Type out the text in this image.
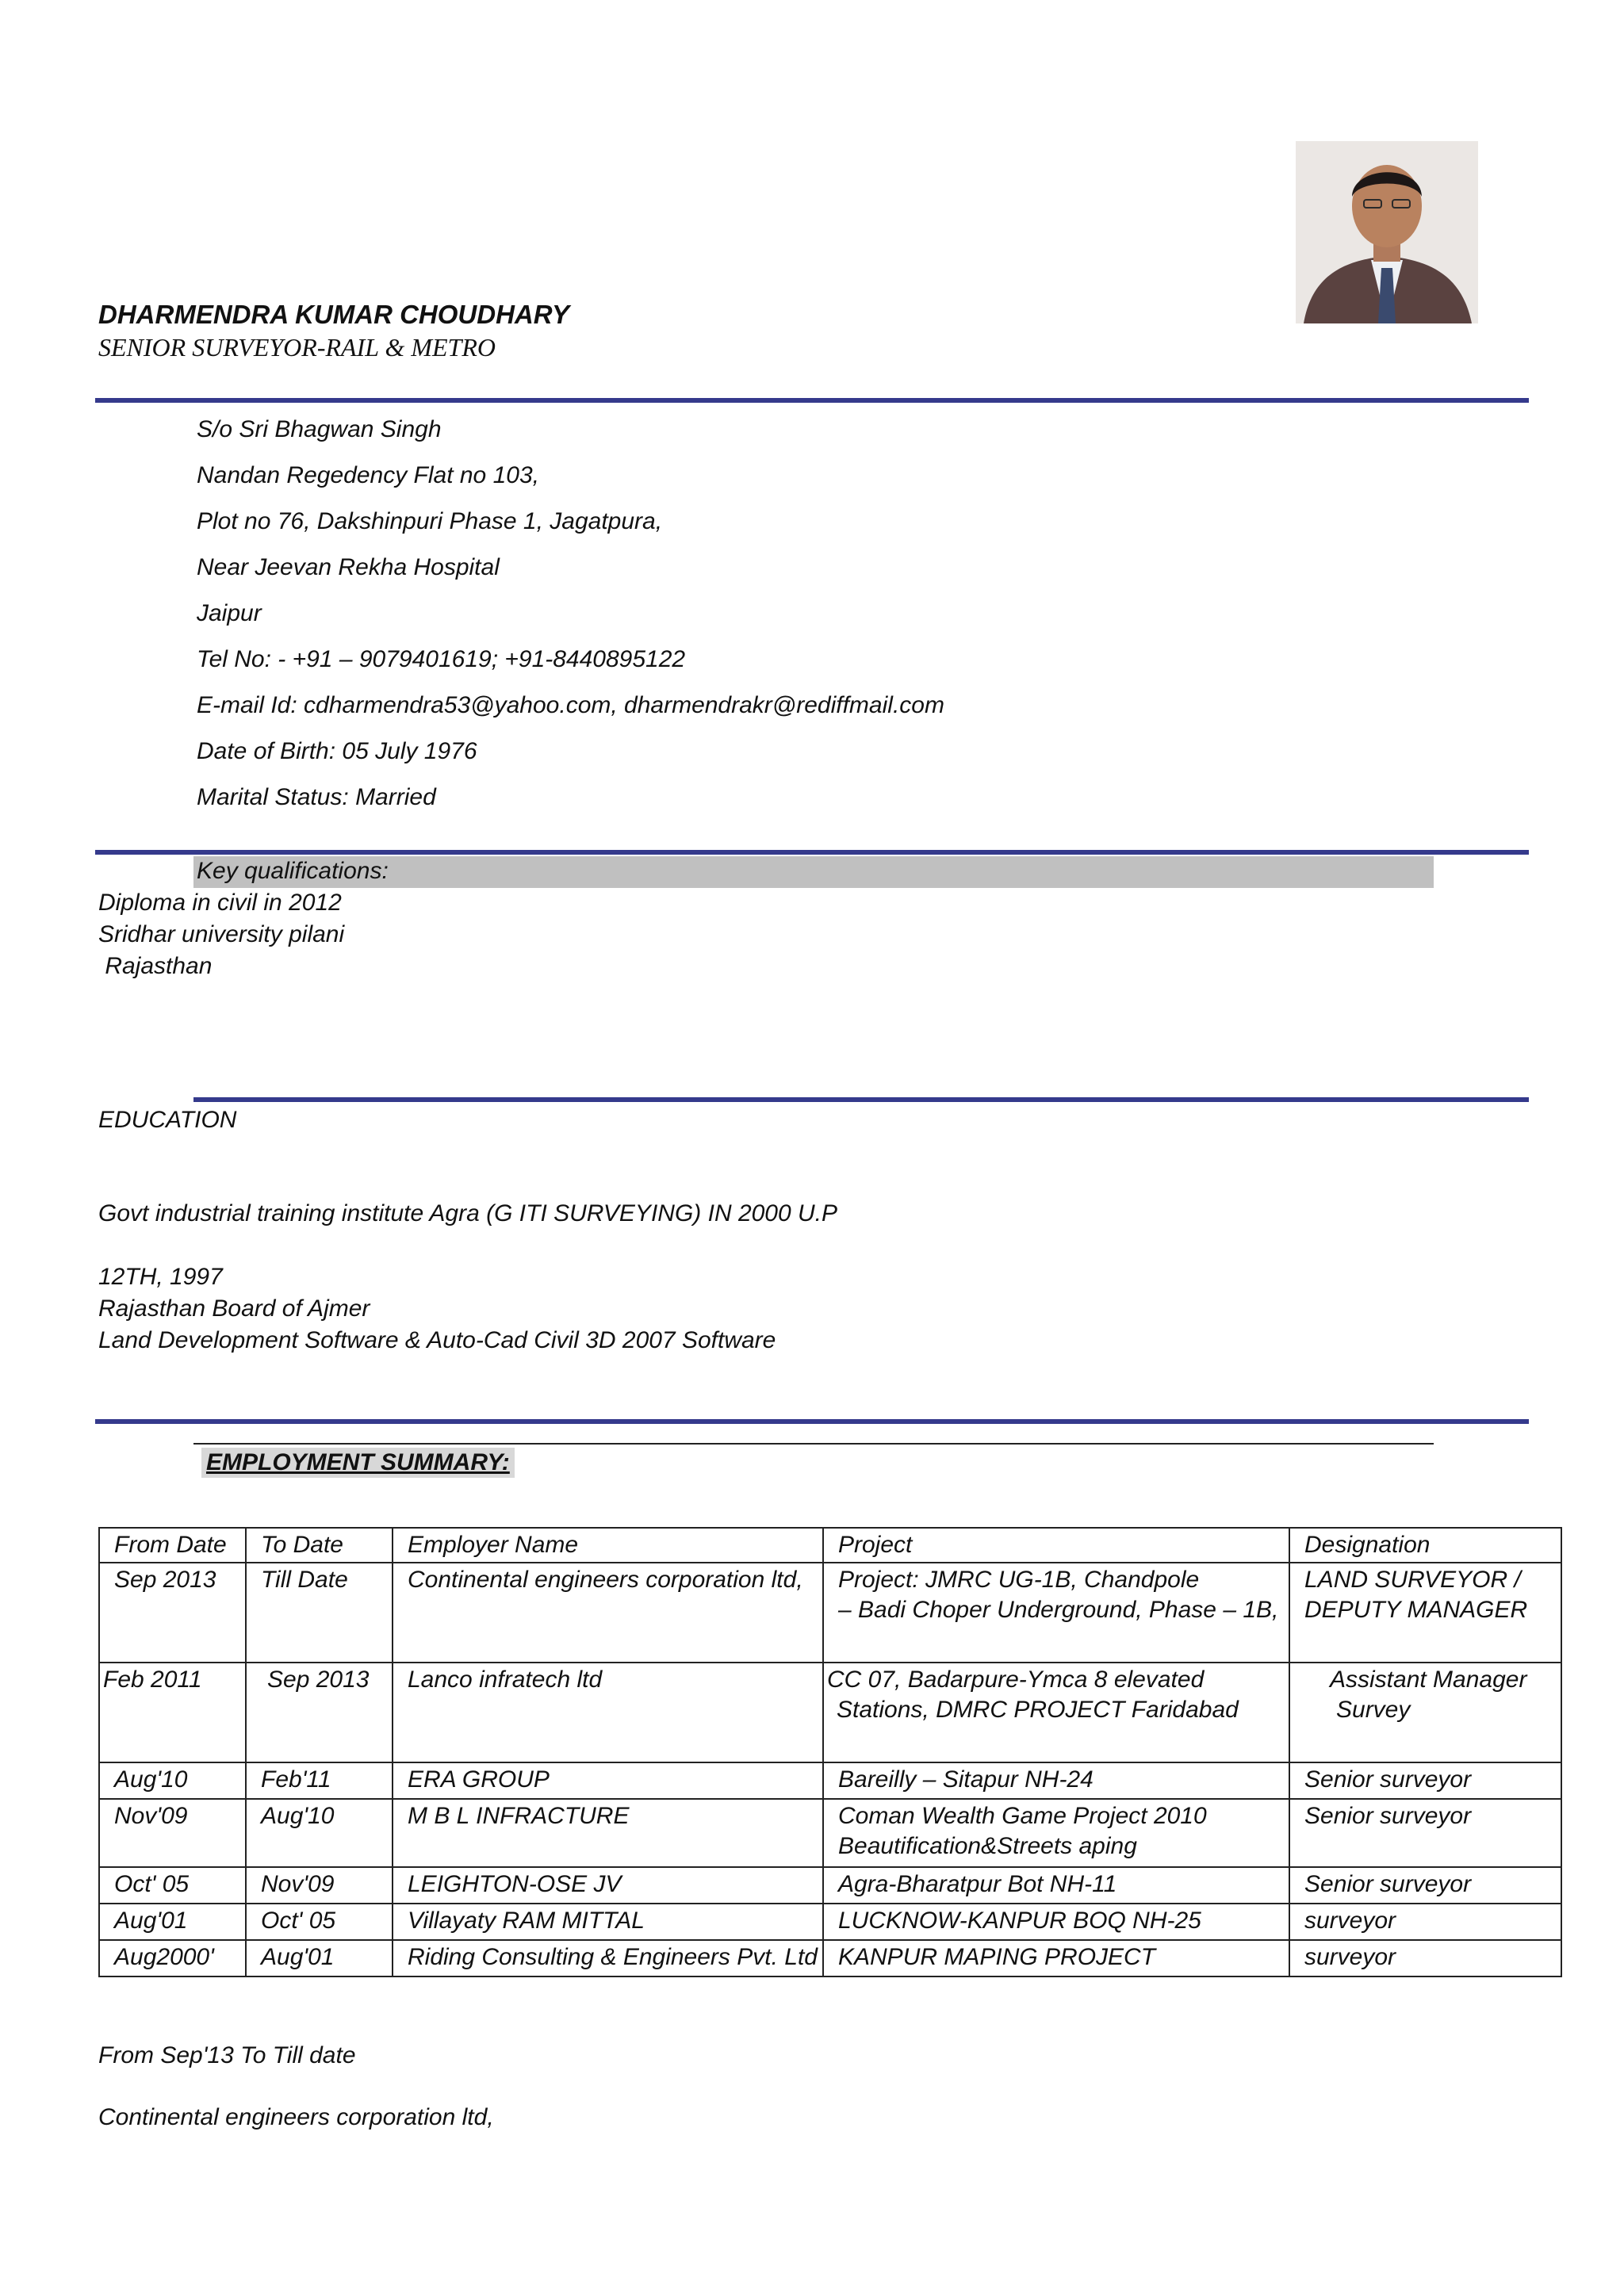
DHARMENDRA KUMAR CHOUDHARY
SENIOR SURVEYOR-RAIL & METRO
S/o Sri Bhagwan Singh
Nandan Regedency Flat no 103,
Plot no 76, Dakshinpuri Phase 1, Jagatpura,
Near Jeevan Rekha Hospital
Jaipur
Tel No: - +91 – 9079401619; +91-8440895122
E-mail Id: cdharmendra53@yahoo.com, dharmendrakr@rediffmail.com
Date of Birth: 05 July 1976
Marital Status: Married
Key qualifications:
Diploma in civil in 2012
Sridhar university pilani
Rajasthan
EDUCATION
Govt industrial training institute Agra (G ITI SURVEYING) IN 2000 U.P
12TH, 1997
Rajasthan Board of Ajmer
Land Development Software & Auto-Cad Civil 3D 2007 Software
EMPLOYMENT SUMMARY:
From Date	To Date	Employer Name	Project	Designation

Sep 2013	Till Date	Continental engineers corporation ltd,	Project: JMRC UG-1B, Chandpole
– Badi Choper Underground, Phase – 1B,	LAND SURVEYOR /
DEPUTY MANAGER

Feb 2011	Sep 2013	Lanco infratech ltd	CC 07, Badarpure-Ymca 8 elevated
Stations, DMRC PROJECT Faridabad	Assistant Manager
Survey

Aug'10	Feb'11	ERA GROUP	Bareilly – Sitapur NH-24	Senior surveyor

Nov'09	Aug'10	M B L INFRACTURE	Coman Wealth Game Project 2010
Beautification&Streets aping	Senior surveyor

Oct' 05	Nov'09	LEIGHTON-OSE JV	Agra-Bharatpur Bot NH-11	Senior surveyor

Aug'01	Oct' 05	Villayaty RAM MITTAL	LUCKNOW-KANPUR BOQ NH-25	surveyor

Aug2000'	Aug'01	Riding Consulting & Engineers Pvt. Ltd	KANPUR MAPING PROJECT	surveyor
From Sep'13 To Till date
Continental engineers corporation ltd,
